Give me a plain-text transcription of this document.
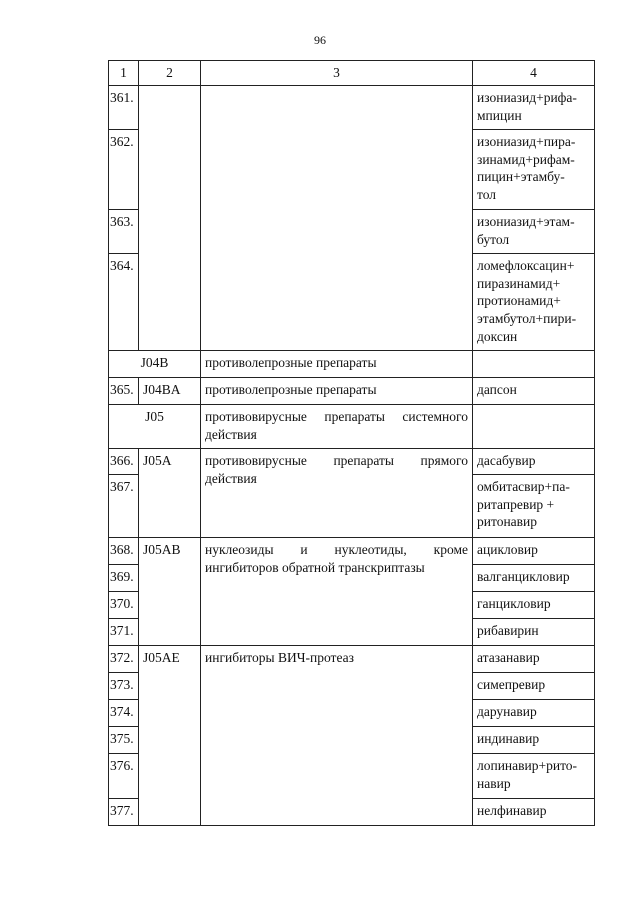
96
1	2	3	4
361.			изониазид+рифа-
мпицин
362.			изониазид+пира-
зинамид+рифам-
пицин+этамбу-
тол
363.			изониазид+этам-
бутол
364.			ломефлоксацин+
пиразинамид+
протионамид+
этамбутол+пири-
доксин
J04B		противолепрозные препараты	
365.	J04BA	противолепрозные препараты	дапсон
J05		противовирусные препараты системного действия	
366.	J05A	противовирусные препараты прямого действия	дасабувир
367.			омбитасвир+па-
ритапревир +
ритонавир
368.	J05AB	нуклеозиды и нуклеотиды, кроме ингибиторов обратной транскриптазы	ацикловир
369.			валганцикловир
370.			ганцикловир
371.			рибавирин
372.	J05AE	ингибиторы ВИЧ-протеаз	атазанавир
373.			симепревир
374.			дарунавир
375.			индинавир
376.			лопинавир+рито-
навир
377.			нелфинавир
